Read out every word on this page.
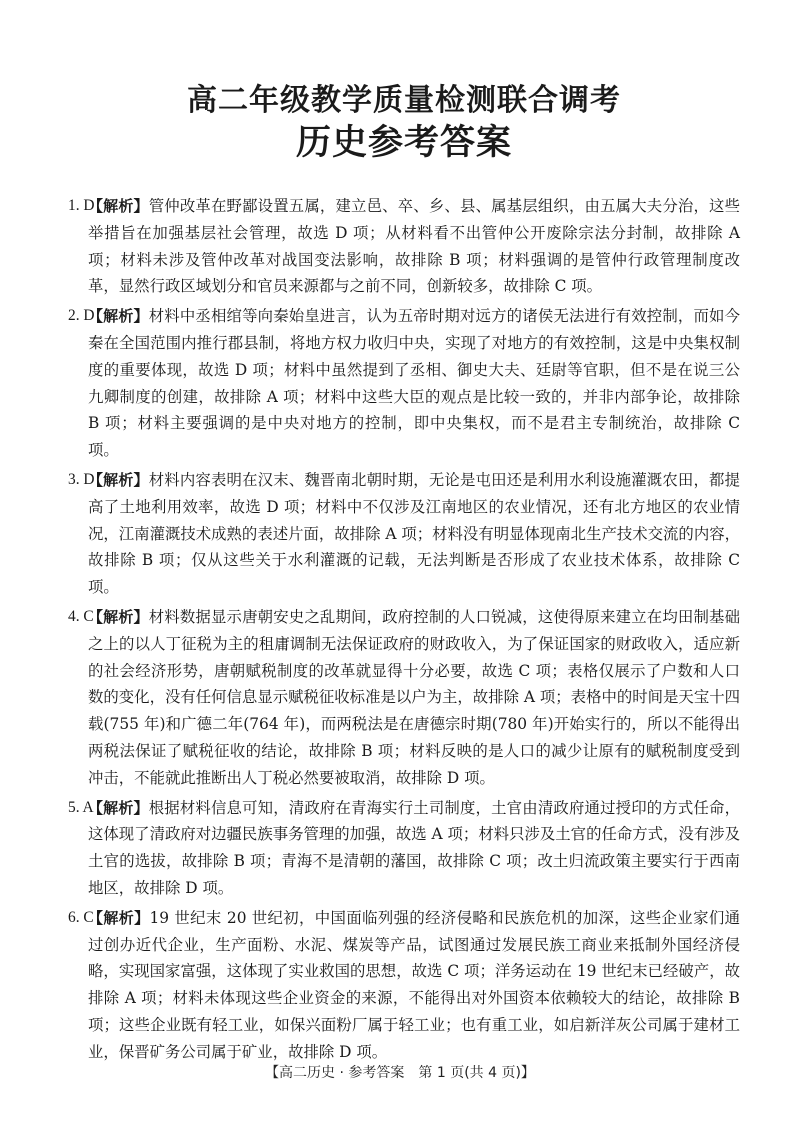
高二年级教学质量检测联合调考
历史参考答案
1. D
【解析】管仲改革在野鄙设置五属，建立邑、卒、乡、县、属基层组织，由五属大夫分治，这些举措旨在加强基层社会管理，故选 D 项；从材料看不出管仲公开废除宗法分封制，故排除 A 项；材料未涉及管仲改革对战国变法影响，故排除 B 项；材料强调的是管仲行政管理制度改革，显然行政区域划分和官员来源都与之前不同，创新较多，故排除 C 项。
2. D
【解析】材料中丞相绾等向秦始皇进言，认为五帝时期对远方的诸侯无法进行有效控制，而如今秦在全国范围内推行郡县制，将地方权力收归中央，实现了对地方的有效控制，这是中央集权制度的重要体现，故选 D 项；材料中虽然提到了丞相、御史大夫、廷尉等官职，但不是在说三公九卿制度的创建，故排除 A 项；材料中这些大臣的观点是比较一致的，并非内部争论，故排除 B 项；材料主要强调的是中央对地方的控制，即中央集权，而不是君主专制统治，故排除 C 项。
3. D
【解析】材料内容表明在汉末、魏晋南北朝时期，无论是屯田还是利用水利设施灌溉农田，都提高了土地利用效率，故选 D 项；材料中不仅涉及江南地区的农业情况，还有北方地区的农业情况，江南灌溉技术成熟的表述片面，故排除 A 项；材料没有明显体现南北生产技术交流的内容，故排除 B 项；仅从这些关于水利灌溉的记载，无法判断是否形成了农业技术体系，故排除 C 项。
4. C
【解析】材料数据显示唐朝安史之乱期间，政府控制的人口锐减，这使得原来建立在均田制基础之上的以人丁征税为主的租庸调制无法保证政府的财政收入，为了保证国家的财政收入，适应新的社会经济形势，唐朝赋税制度的改革就显得十分必要，故选 C 项；表格仅展示了户数和人口数的变化，没有任何信息显示赋税征收标准是以户为主，故排除 A 项；表格中的时间是天宝十四载(755 年)和广德二年(764 年)，而两税法是在唐德宗时期(780 年)开始实行的，所以不能得出两税法保证了赋税征收的结论，故排除 B 项；材料反映的是人口的减少让原有的赋税制度受到冲击，不能就此推断出人丁税必然要被取消，故排除 D 项。
5. A
【解析】根据材料信息可知，清政府在青海实行土司制度，土官由清政府通过授印的方式任命，这体现了清政府对边疆民族事务管理的加强，故选 A 项；材料只涉及土官的任命方式，没有涉及土官的选拔，故排除 B 项；青海不是清朝的藩国，故排除 C 项；改土归流政策主要实行于西南地区，故排除 D 项。
6. C
【解析】19 世纪末 20 世纪初，中国面临列强的经济侵略和民族危机的加深，这些企业家们通过创办近代企业，生产面粉、水泥、煤炭等产品，试图通过发展民族工商业来抵制外国经济侵略，实现国家富强，这体现了实业救国的思想，故选 C 项；洋务运动在 19 世纪末已经破产，故排除 A 项；材料未体现这些企业资金的来源，不能得出对外国资本依赖较大的结论，故排除 B 项；这些企业既有轻工业，如保兴面粉厂属于轻工业；也有重工业，如启新洋灰公司属于建材工业，保晋矿务公司属于矿业，故排除 D 项。
【高二历史 · 参考答案　第 1 页(共 4 页)】
